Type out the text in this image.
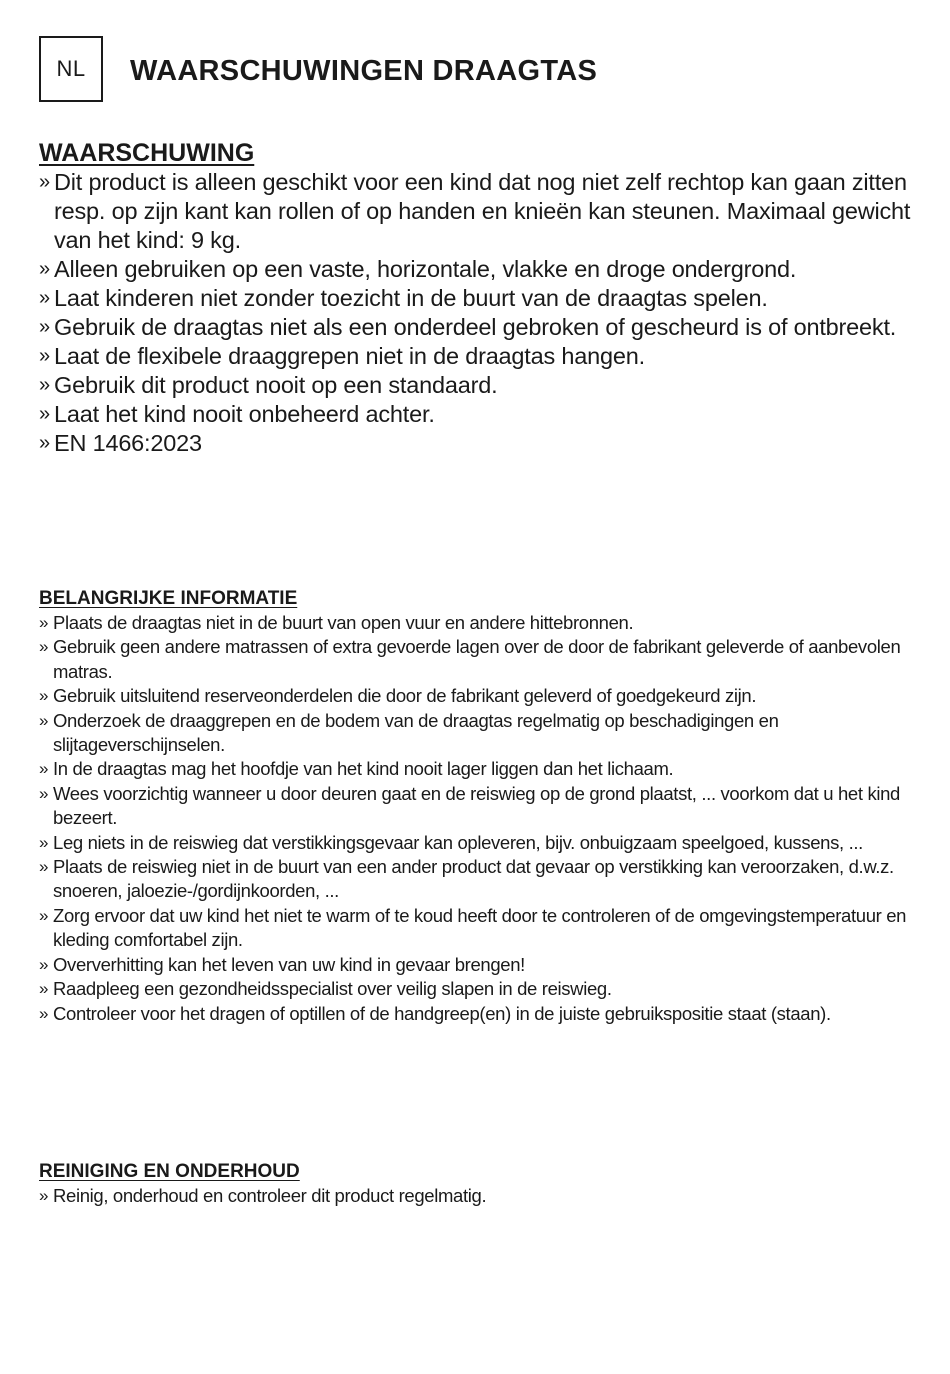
NL WAARSCHUWINGEN DRAAGTAS
WAARSCHUWING
» Dit product is alleen geschikt voor een kind dat nog niet zelf rechtop kan gaan zitten resp. op zijn kant kan rollen of op handen en knieën kan steunen. Maximaal gewicht van het kind: 9 kg.
» Alleen gebruiken op een vaste, horizontale, vlakke en droge ondergrond.
» Laat kinderen niet zonder toezicht in de buurt van de draagtas spelen.
» Gebruik de draagtas niet als een onderdeel gebroken of gescheurd is of ontbreekt.
» Laat de flexibele draaggrepen niet in de draagtas hangen.
» Gebruik dit product nooit op een standaard.
» Laat het kind nooit onbeheerd achter.
» EN 1466:2023
BELANGRIJKE INFORMATIE
» Plaats de draagtas niet in de buurt van open vuur en andere hittebronnen.
» Gebruik geen andere matrassen of extra gevoerde lagen over de door de fabrikant geleverde of aanbevolen matras.
» Gebruik uitsluitend reserveonderdelen die door de fabrikant geleverd of goedgekeurd zijn.
» Onderzoek de draaggrepen en de bodem van de draagtas regelmatig op beschadigingen en slijtageverschijnselen.
» In de draagtas mag het hoofdje van het kind nooit lager liggen dan het lichaam.
» Wees voorzichtig wanneer u door deuren gaat en de reiswieg op de grond plaatst, ... voorkom dat u het kind bezeert.
» Leg niets in de reiswieg dat verstikkingsgevaar kan opleveren, bijv. onbuigzaam speelgoed, kussens, ...
» Plaats de reiswieg niet in de buurt van een ander product dat gevaar op verstikking kan veroorzaken, d.w.z. snoeren, jaloezie-/gordijnkoorden, ...
» Zorg ervoor dat uw kind het niet te warm of te koud heeft door te controleren of de omgevingstemperatuur en kleding comfortabel zijn.
» Oververhitting kan het leven van uw kind in gevaar brengen!
» Raadpleeg een gezondheidsspecialist over veilig slapen in de reiswieg.
» Controleer voor het dragen of optillen of de handgreep(en) in de juiste gebruikspositie staat (staan).
REINIGING EN ONDERHOUD
» Reinig, onderhoud en controleer dit product regelmatig.
